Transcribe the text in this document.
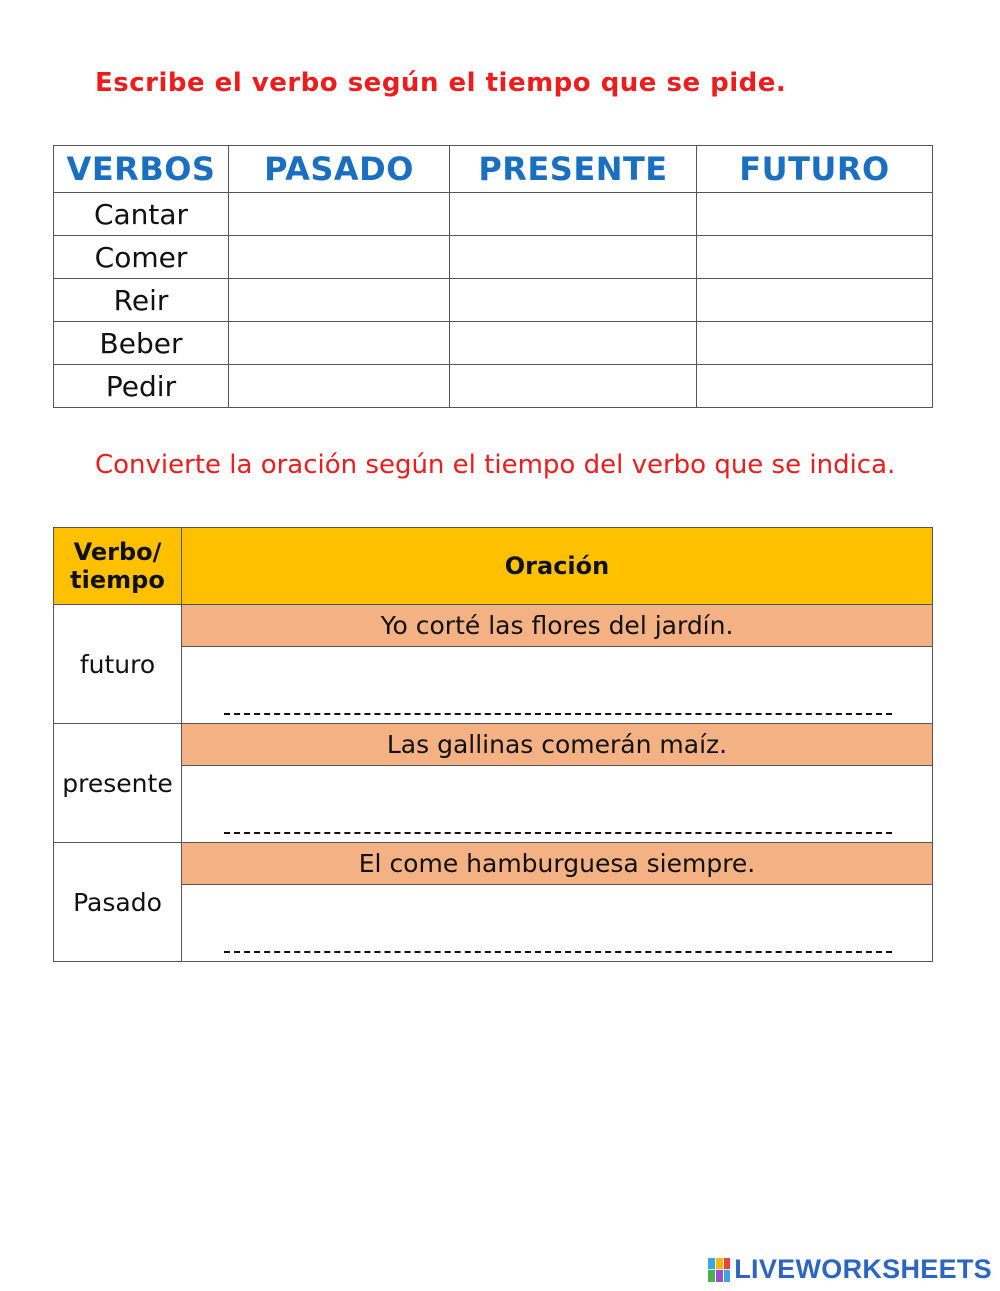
Escribe el verbo según el tiempo que se pide.
VERBOS	PASADO	PRESENTE	FUTURO
Cantar			
Comer			
Reir			
Beber			
Pedir			
Convierte la oración según el tiempo del verbo que se indica.
Verbo/ tiempo	Oración
futuro	Yo corté las flores del jardín.

presente	Las gallinas comerán maíz.

Pasado	El come hamburguesa siempre.

LIVEWORKSHEETS
